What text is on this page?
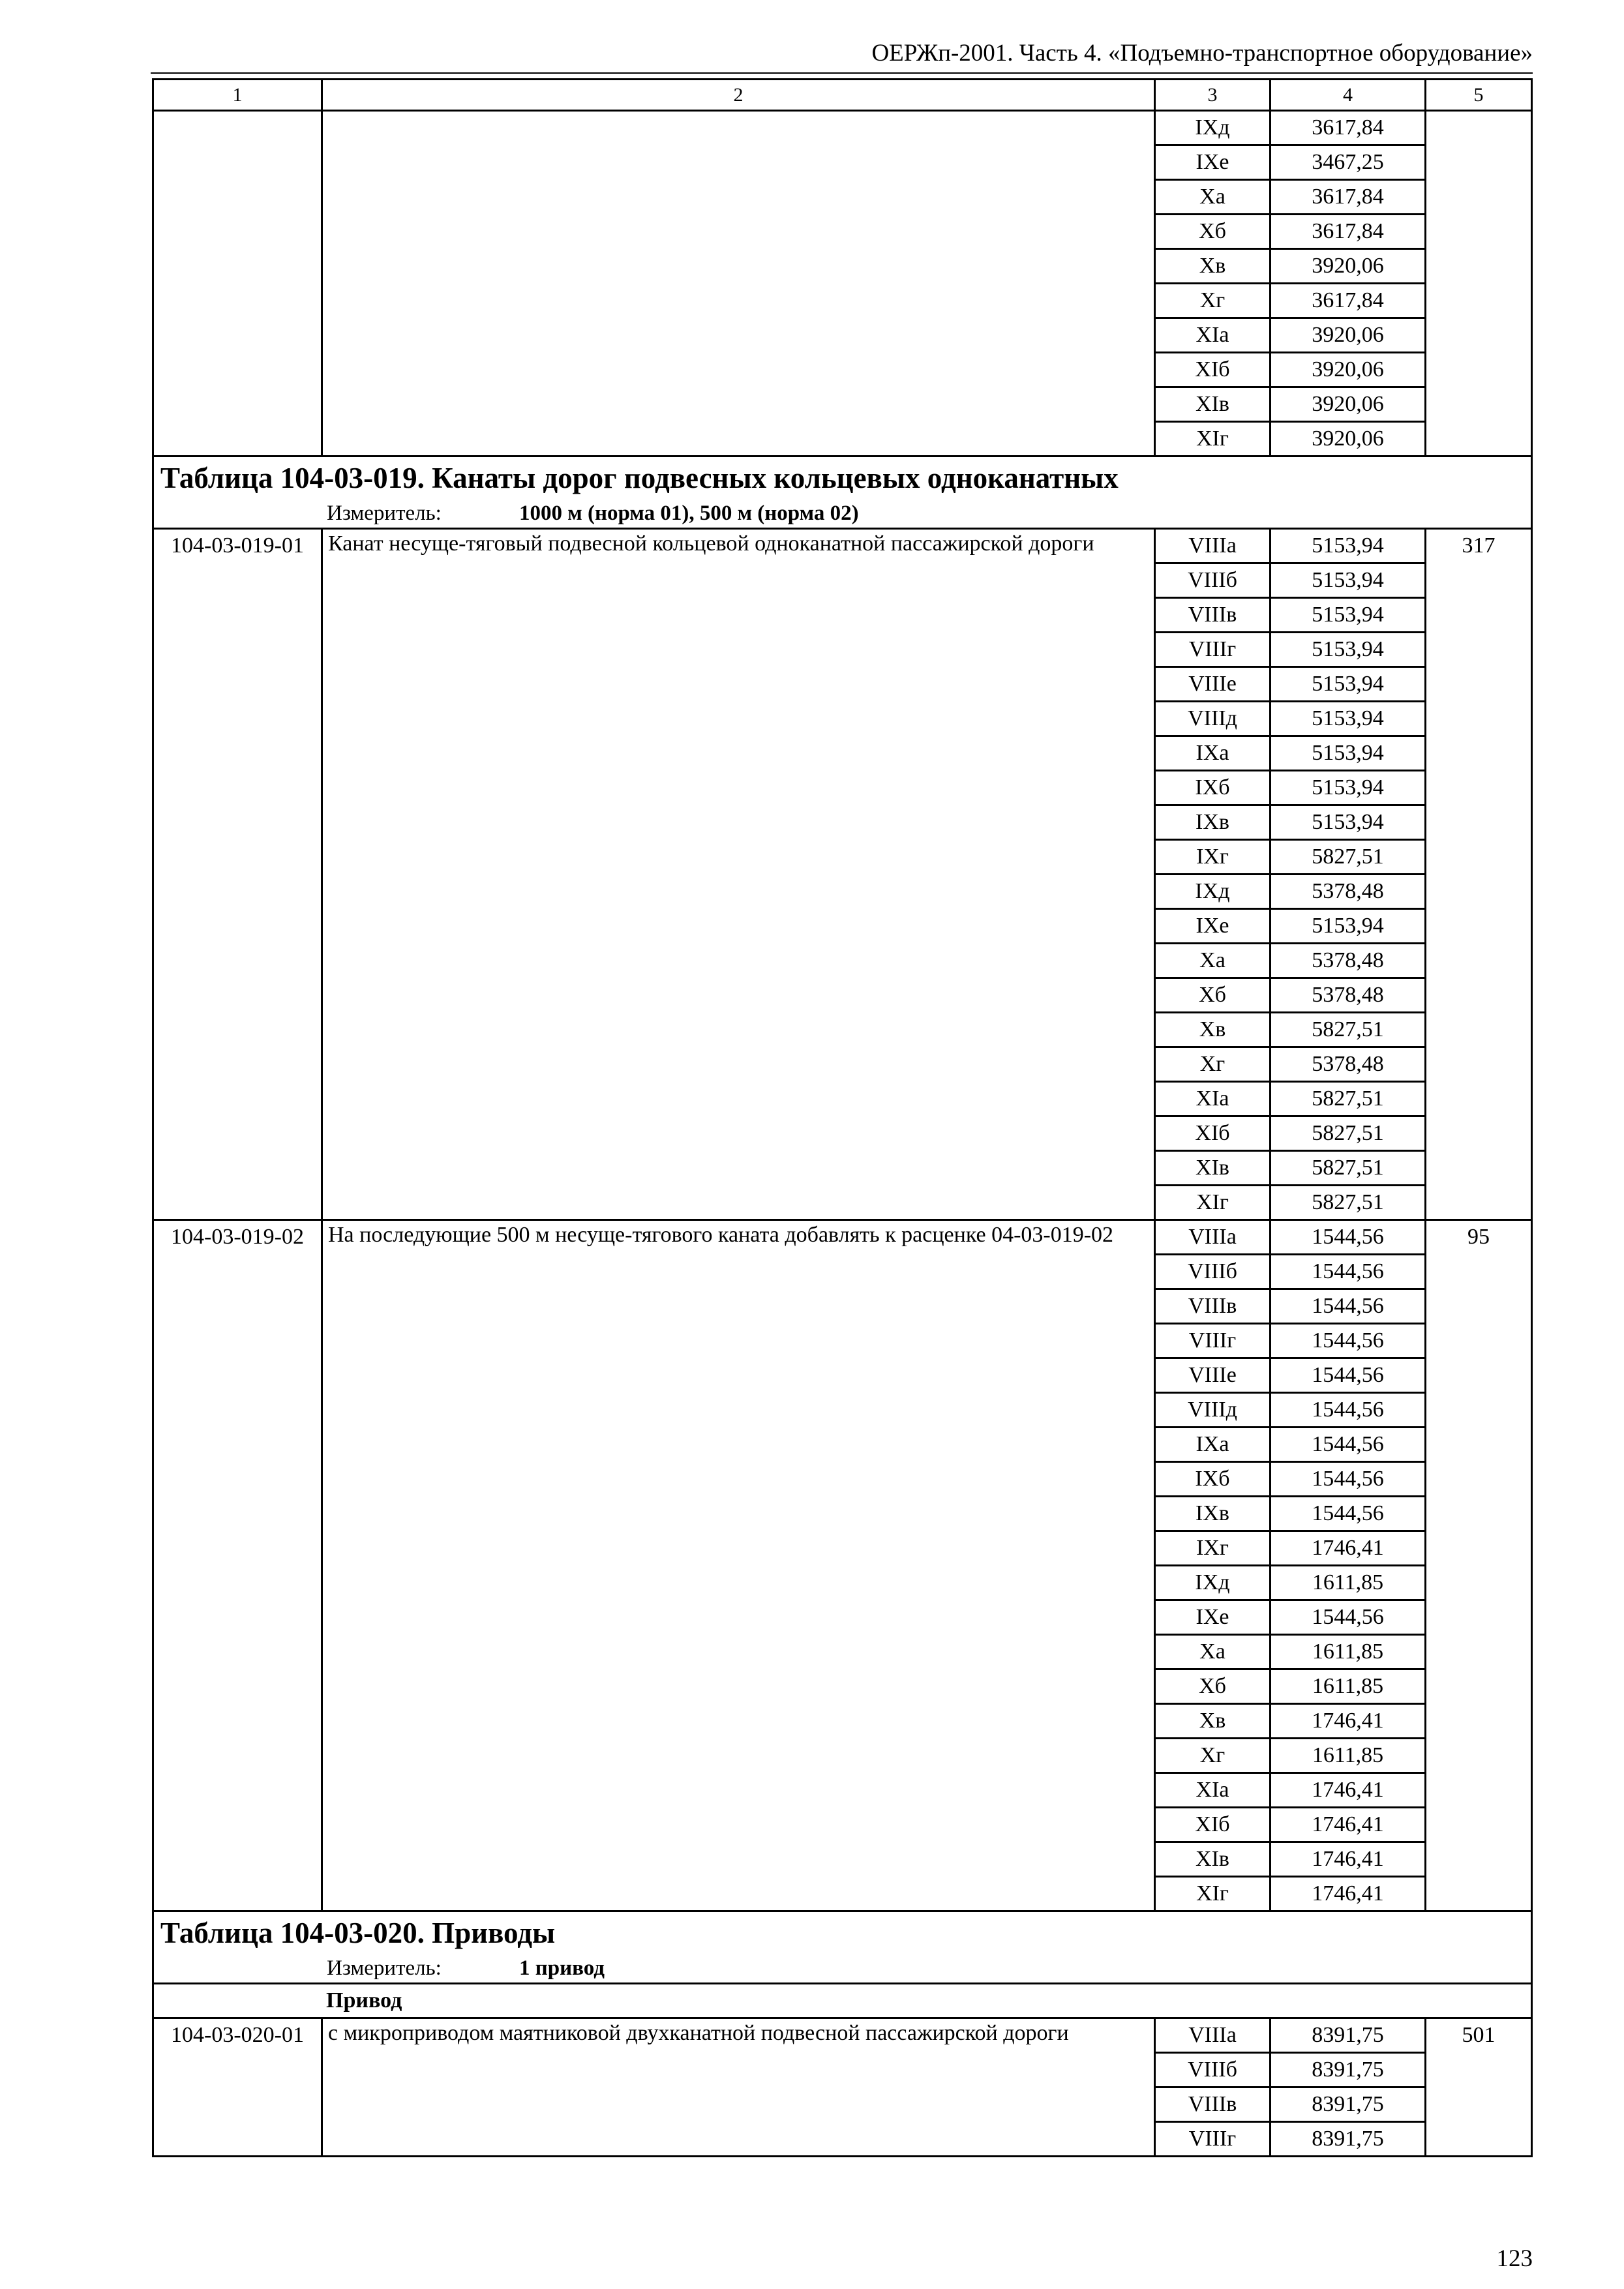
ОЕРЖп-2001. Часть 4. «Подъемно-транспортное оборудование»
1	2	3	4	5
		IXд	3617,84	
		IXе	3467,25	
		Xа	3617,84	
		Xб	3617,84	
		Xв	3920,06	
		Xг	3617,84	
		XIа	3920,06	
		XIб	3920,06	
		XIв	3920,06	
		XIг	3920,06	

Таблица 104-03-019. Канаты дорог подвесных кольцевых одноканатных
Измеритель: 1000 м (норма 01), 500 м (норма 02)				

104-03-019-01	Канат несуще-тяговый подвесной кольцевой одноканатной пассажирской дороги	VIIIа	5153,94	317
		VIIIб	5153,94	
		VIIIв	5153,94	
		VIIIг	5153,94	
		VIIIе	5153,94	
		VIIIд	5153,94	
		IXа	5153,94	
		IXб	5153,94	
		IXв	5153,94	
		IXг	5827,51	
		IXд	5378,48	
		IXе	5153,94	
		Xа	5378,48	
		Xб	5378,48	
		Xв	5827,51	
		Xг	5378,48	
		XIа	5827,51	
		XIб	5827,51	
		XIв	5827,51	
		XIг	5827,51	
104-03-019-02	На последующие 500 м несуще-тягового каната добавлять к расценке 04-03-019-02	VIIIа	1544,56	95
		VIIIб	1544,56	
		VIIIв	1544,56	
		VIIIг	1544,56	
		VIIIе	1544,56	
		VIIIд	1544,56	
		IXа	1544,56	
		IXб	1544,56	
		IXв	1544,56	
		IXг	1746,41	
		IXд	1611,85	
		IXе	1544,56	
		Xа	1611,85	
		Xб	1611,85	
		Xв	1746,41	
		Xг	1611,85	
		XIа	1746,41	
		XIб	1746,41	
		XIв	1746,41	
		XIг	1746,41	

Таблица 104-03-020. Приводы
Измеритель: 1 привод				

Привод				
104-03-020-01	с микроприводом маятниковой двухканатной подвесной пассажирской дороги	VIIIа	8391,75	501
		VIIIб	8391,75	
		VIIIв	8391,75	
		VIIIг	8391,75	
123
